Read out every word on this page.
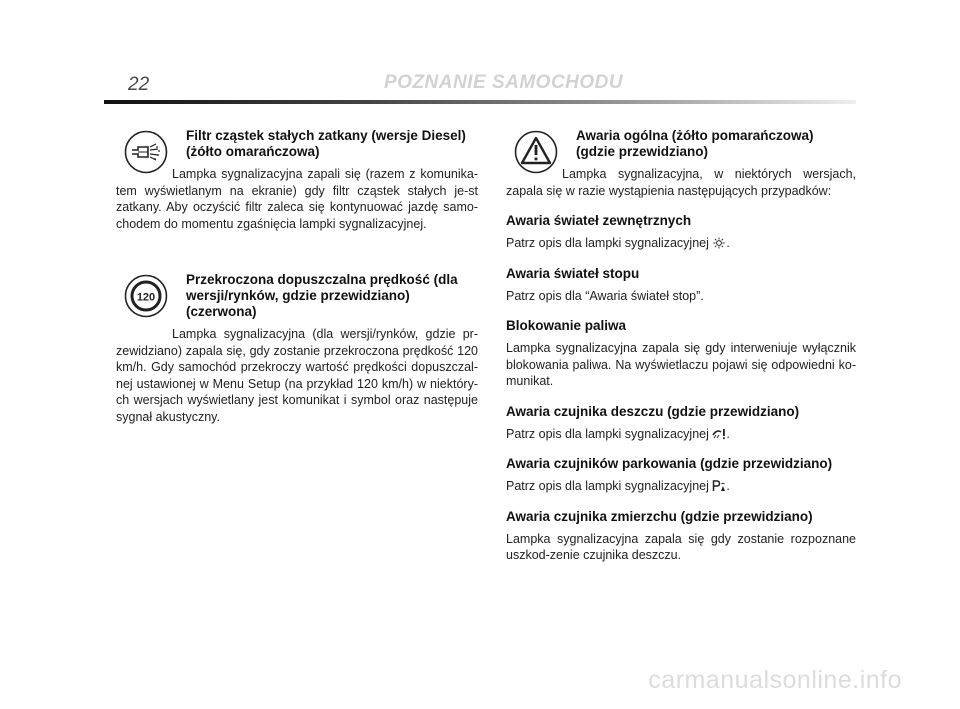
22	POZNANIE SAMOCHODU
Filtr cząstek stałych zatkany (wersje Diesel) (żółto omarańczowa)
Lampka sygnalizacyjna zapali się (razem z komunika-tem wyświetlanym na ekranie) gdy filtr cząstek stałych je-st zatkany. Aby oczyścić filtr zaleca się kontynuować jazdę samo-chodem do momentu zgaśnięcia lampki sygnalizacyjnej.
120
Przekroczona dopuszczalna prędkość (dla wersji/rynków, gdzie przewidziano) (czerwona)
Lampka sygnalizacyjna (dla wersji/rynków, gdzie pr-zewidziano) zapala się, gdy zostanie przekroczona prędkość 120 km/h. Gdy samochód przekroczy wartość prędkości dopuszczal-nej ustawionej w Menu Setup (na przykład 120 km/h) w niektóry-ch wersjach wyświetlany jest komunikat i symbol oraz następuje sygnał akustyczny.
Awaria ogólna (żółto pomarańczowa) (gdzie przewidziano)
Lampka sygnalizacyjna, w niektórych wersjach, zapala się w razie wystąpienia następujących przypadków:
Awaria świateł zewnętrznych
Patrz opis dla lampki sygnalizacyjnej .
Awaria świateł stopu
Patrz opis dla “Awaria świateł stop”.
Blokowanie paliwa
Lampka sygnalizacyjna zapala się gdy interweniuje wyłącznik blokowania paliwa. Na wyświetlaczu pojawi się odpowiedni ko-munikat.
Awaria czujnika deszczu (gdzie przewidziano)
Patrz opis dla lampki sygnalizacyjnej .
Awaria czujników parkowania (gdzie przewidziano)
Patrz opis dla lampki sygnalizacyjnej .
Awaria czujnika zmierzchu (gdzie przewidziano)
Lampka sygnalizacyjna zapala się gdy zostanie rozpoznane uszkod-zenie czujnika deszczu.
carmanualsonline.info
